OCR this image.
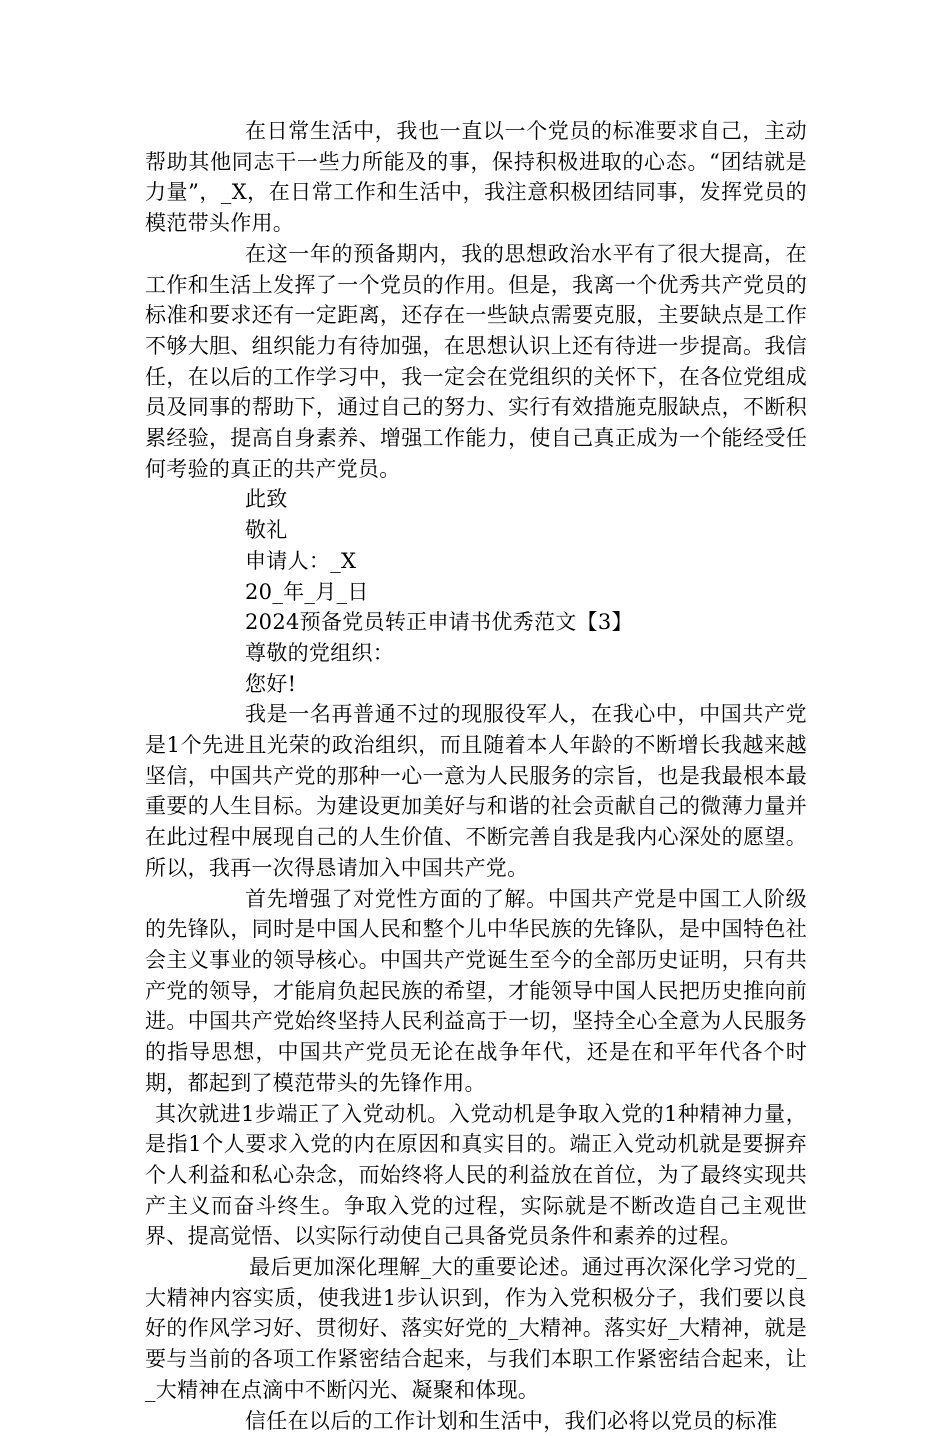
在日常生活中，我也一直以一个党员的标准要求自己，主动帮助其他同志干一些力所能及的事，保持积极进取的心态。“团结就是力量”，_X，在日常工作和生活中，我注意积极团结同事，发挥党员的模范带头作用。

在这一年的预备期内，我的思想政治水平有了很大提高，在工作和生活上发挥了一个党员的作用。但是，我离一个优秀共产党员的标准和要求还有一定距离，还存在一些缺点需要克服，主要缺点是工作不够大胆、组织能力有待加强，在思想认识上还有待进一步提高。我信任，在以后的工作学习中，我一定会在党组织的关怀下，在各位党组成员及同事的帮助下，通过自己的努力、实行有效措施克服缺点，不断积累经验，提高自身素养、增强工作能力，使自己真正成为一个能经受任何考验的真正的共产党员。

此致

敬礼

申请人：_X

20_年_月_日

2024预备党员转正申请书优秀范文【3】

尊敬的党组织：

您好!

我是一名再普通不过的现服役军人，在我心中，中国共产党是1个先进且光荣的政治组织，而且随着本人年龄的不断增长我越来越坚信，中国共产党的那种一心一意为人民服务的宗旨，也是我最根本最重要的人生目标。为建设更加美好与和谐的社会贡献自己的微薄力量并在此过程中展现自己的人生价值、不断完善自我是我内心深处的愿望。所以，我再一次得恳请加入中国共产党。

首先增强了对党性方面的了解。中国共产党是中国工人阶级的先锋队，同时是中国人民和整个儿中华民族的先锋队，是中国特色社会主义事业的领导核心。中国共产党诞生至今的全部历史证明，只有共产党的领导，才能肩负起民族的希望，才能领导中国人民把历史推向前进。中国共产党始终坚持人民利益高于一切，坚持全心全意为人民服务的指导思想，中国共产党员无论在战争年代，还是在和平年代各个时期，都起到了模范带头的先锋作用。

其次就进1步端正了入党动机。入党动机是争取入党的1种精神力量，是指1个人要求入党的内在原因和真实目的。端正入党动机就是要摒弃个人利益和私心杂念，而始终将人民的利益放在首位，为了最终实现共产主义而奋斗终生。争取入党的过程，实际就是不断改造自己主观世界、提高觉悟、以实际行动使自己具备党员条件和素养的过程。

最后更加深化理解_大的重要论述。通过再次深化学习党的_大精神内容实质，使我进1步认识到，作为入党积极分子，我们要以良好的作风学习好、贯彻好、落实好党的_大精神。落实好_大精神，就是要与当前的各项工作紧密结合起来，与我们本职工作紧密结合起来，让_大精神在点滴中不断闪光、凝聚和体现。

信任在以后的工作计划和生活中，我们必将以党员的标准
